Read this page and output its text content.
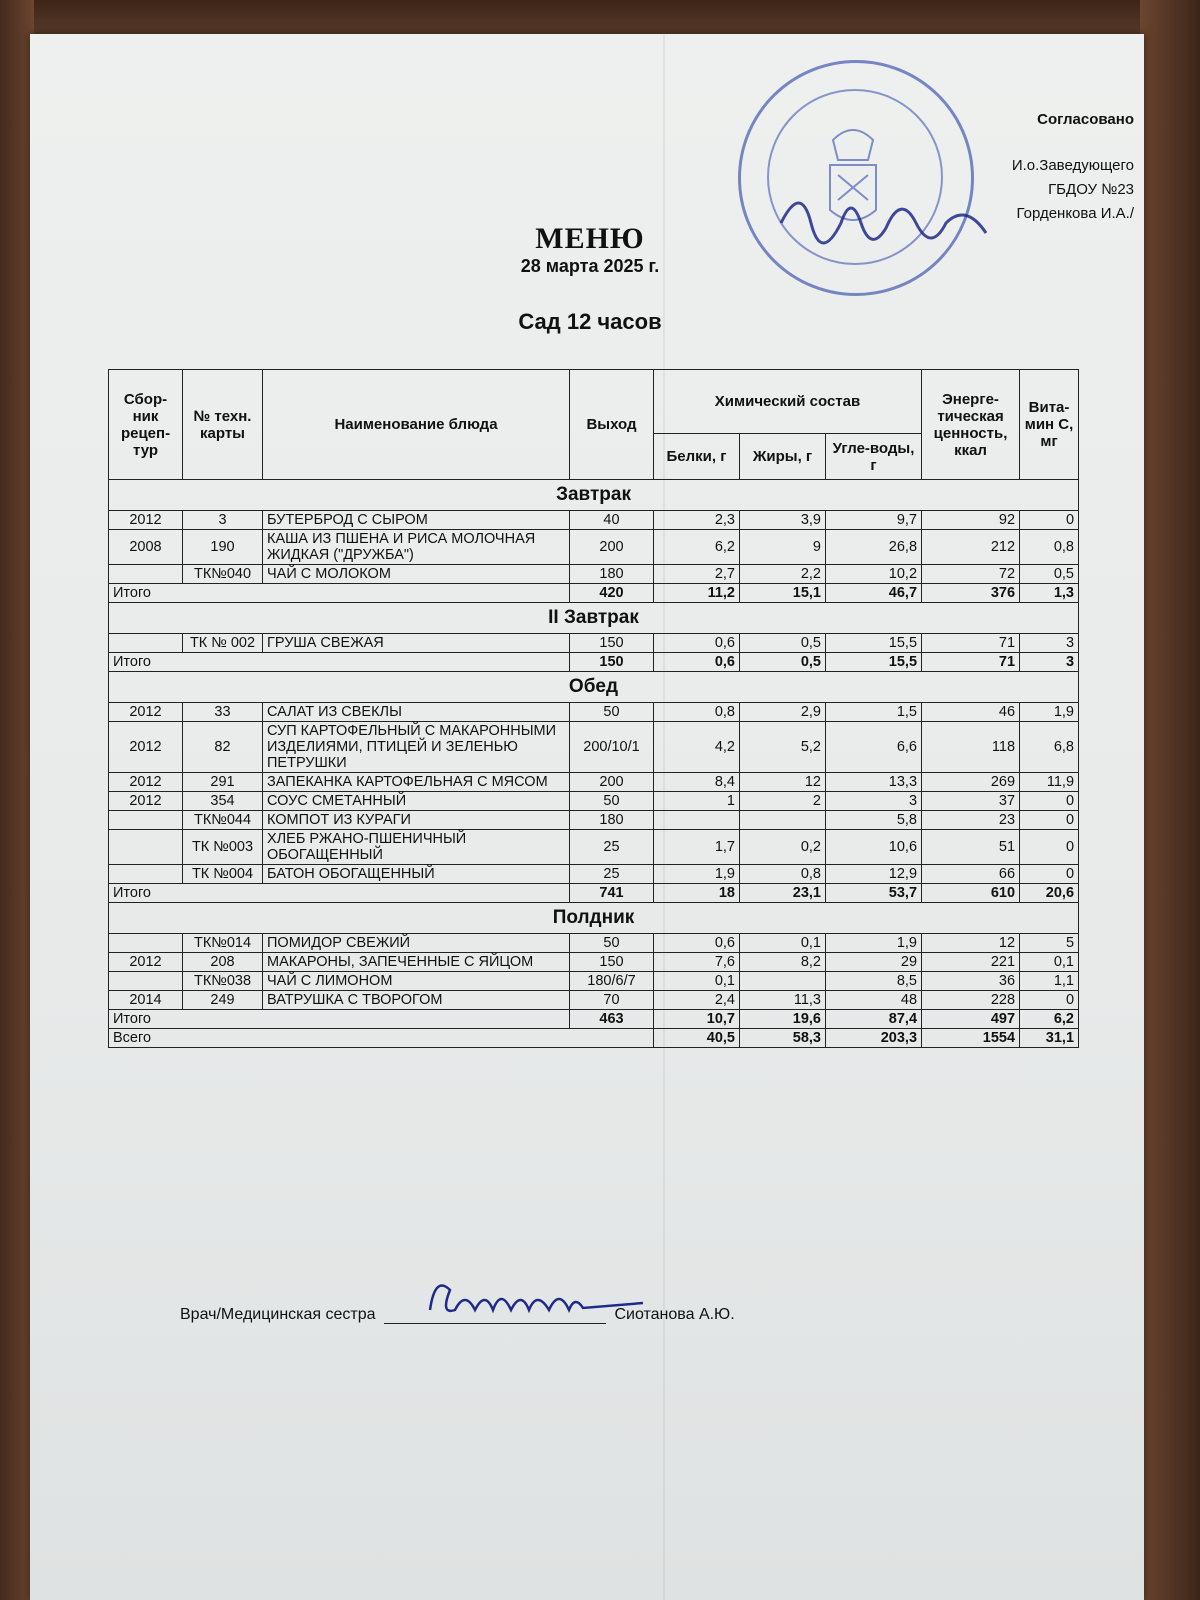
Согласовано
И.о.Заведующего
ГБДОУ №23
Горденкова И.А./
МЕНЮ
28 марта 2025 г.
Сад 12 часов
Сбор-ник рецеп-тур	№ техн. карты	Наименование блюда	Выход	Химический состав			Энерге-тическая ценность, ккал	Вита-мин С, мг
				Белки, г	Жиры, г	Угле-воды, г		
Завтрак								
2012	3	БУТЕРБРОД С СЫРОМ	40	2,3	3,9	9,7	92	0
2008	190	КАША ИЗ ПШЕНА И РИСА МОЛОЧНАЯ ЖИДКАЯ ("ДРУЖБА")	200	6,2	9	26,8	212	0,8
	ТК№040	ЧАЙ С МОЛОКОМ	180	2,7	2,2	10,2	72	0,5
Итого			420	11,2	15,1	46,7	376	1,3
II Завтрак								
	ТК № 002	ГРУША СВЕЖАЯ	150	0,6	0,5	15,5	71	3
Итого			150	0,6	0,5	15,5	71	3
Обед								
2012	33	САЛАТ ИЗ СВЕКЛЫ	50	0,8	2,9	1,5	46	1,9
2012	82	СУП КАРТОФЕЛЬНЫЙ С МАКАРОННЫМИ ИЗДЕЛИЯМИ, ПТИЦЕЙ И ЗЕЛЕНЬЮ ПЕТРУШКИ	200/10/1	4,2	5,2	6,6	118	6,8
2012	291	ЗАПЕКАНКА КАРТОФЕЛЬНАЯ С МЯСОМ	200	8,4	12	13,3	269	11,9
2012	354	СОУС СМЕТАННЫЙ	50	1	2	3	37	0
	ТК№044	КОМПОТ ИЗ КУРАГИ	180			5,8	23	0
	ТК №003	ХЛЕБ РЖАНО-ПШЕНИЧНЫЙ ОБОГАЩЕННЫЙ	25	1,7	0,2	10,6	51	0
	ТК №004	БАТОН ОБОГАЩЕННЫЙ	25	1,9	0,8	12,9	66	0
Итого			741	18	23,1	53,7	610	20,6
Полдник								
	ТК№014	ПОМИДОР СВЕЖИЙ	50	0,6	0,1	1,9	12	5
2012	208	МАКАРОНЫ, ЗАПЕЧЕННЫЕ С ЯЙЦОМ	150	7,6	8,2	29	221	0,1
	ТК№038	ЧАЙ С ЛИМОНОМ	180/6/7	0,1		8,5	36	1,1
2014	249	ВАТРУШКА С ТВОРОГОМ	70	2,4	11,3	48	228	0
Итого			463	10,7	19,6	87,4	497	6,2
Всего				40,5	58,3	203,3	1554	31,1
Врач/Медицинская сестра	Сиотанова А.Ю.
